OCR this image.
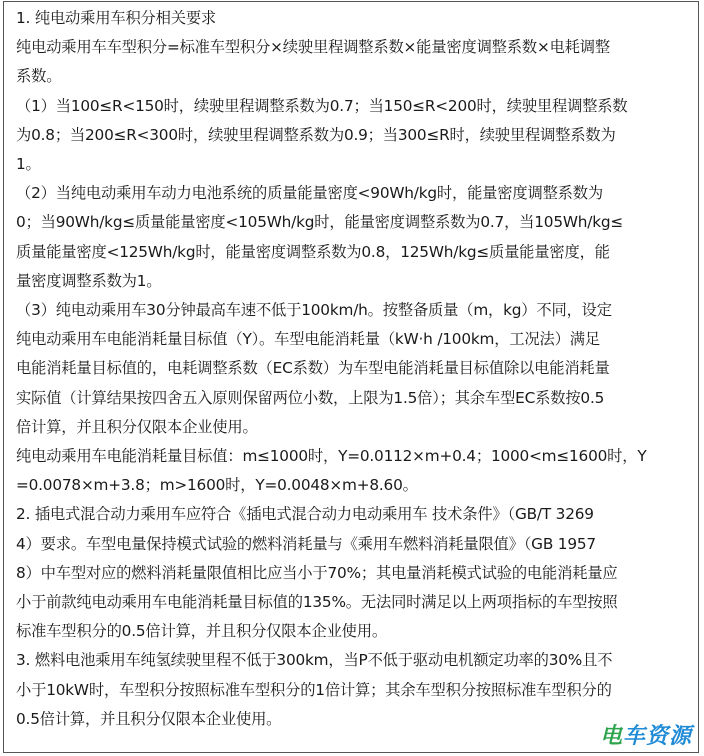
1. 纯电动乘用车积分相关要求
纯电动乘用车车型积分=标准车型积分×续驶里程调整系数×能量密度调整系数×电耗调整
系数。
（1）当100≤R<150时，续驶里程调整系数为0.7；当150≤R<200时，续驶里程调整系数
为0.8；当200≤R<300时，续驶里程调整系数为0.9；当300≤R时，续驶里程调整系数为
1。
（2）当纯电动乘用车动力电池系统的质量能量密度<90Wh/kg时，能量密度调整系数为
0；当90Wh/kg≤质量能量密度<105Wh/kg时，能量密度调整系数为0.7，当105Wh/kg≤
质量能量密度<125Wh/kg时，能量密度调整系数为0.8，125Wh/kg≤质量能量密度，能
量密度调整系数为1。
（3）纯电动乘用车30分钟最高车速不低于100km/h。按整备质量（m，kg）不同，设定
纯电动乘用车电能消耗量目标值（Y）。车型电能消耗量（kW·h /100km，工况法）满足
电能消耗量目标值的，电耗调整系数（EC系数）为车型电能消耗量目标值除以电能消耗量
实际值（计算结果按四舍五入原则保留两位小数，上限为1.5倍）；其余车型EC系数按0.5
倍计算，并且积分仅限本企业使用。
纯电动乘用车电能消耗量目标值：m≤1000时，Y=0.0112×m+0.4；1000<m≤1600时，Y
=0.0078×m+3.8；m>1600时，Y=0.0048×m+8.60。
2. 插电式混合动力乘用车应符合《插电式混合动力电动乘用车 技术条件》（GB/T 3269
4）要求。车型电量保持模式试验的燃料消耗量与《乘用车燃料消耗量限值》（GB 1957
8）中车型对应的燃料消耗量限值相比应当小于70%；其电量消耗模式试验的电能消耗量应
小于前款纯电动乘用车电能消耗量目标值的135%。无法同时满足以上两项指标的车型按照
标准车型积分的0.5倍计算，并且积分仅限本企业使用。
3. 燃料电池乘用车纯氢续驶里程不低于300km，当P不低于驱动电机额定功率的30%且不
小于10kW时，车型积分按照标准车型积分的1倍计算；其余车型积分按照标准车型积分的
0.5倍计算，并且积分仅限本企业使用。
电车资源
